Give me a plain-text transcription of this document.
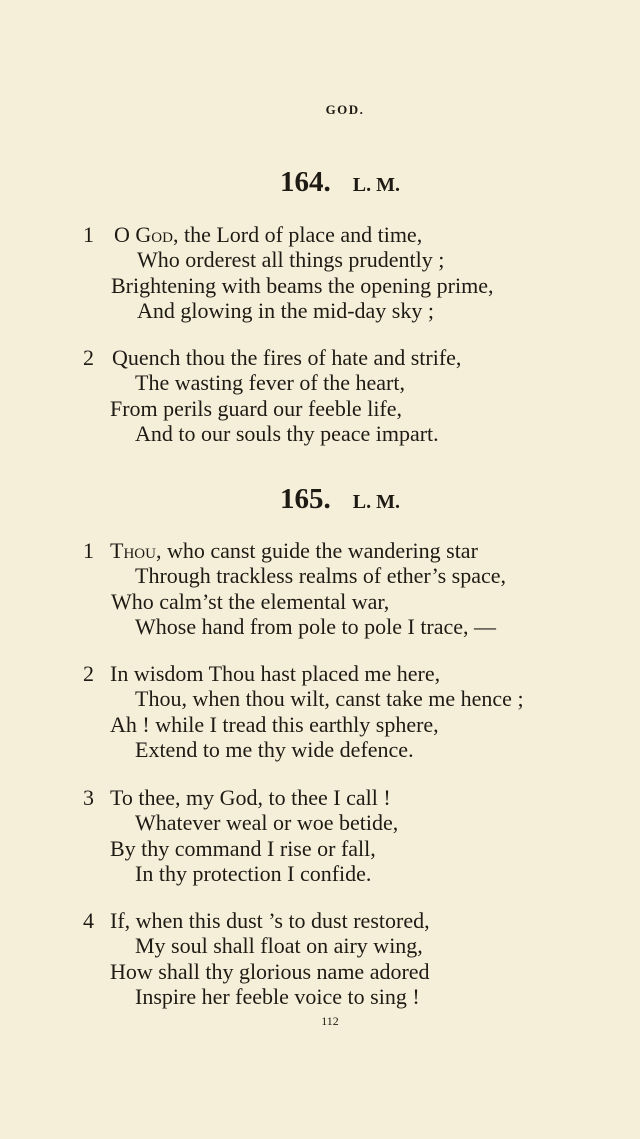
GOD.
164. L. M.
1 O God, the Lord of place and time,
Who orderest all things prudently ;
Brightening with beams the opening prime,
And glowing in the mid-day sky ;
2 Quench thou the fires of hate and strife,
The wasting fever of the heart,
From perils guard our feeble life,
And to our souls thy peace impart.
165. L. M.
1 Thou, who canst guide the wandering star
Through trackless realms of ether’s space,
Who calm’st the elemental war,
Whose hand from pole to pole I trace, —
2 In wisdom Thou hast placed me here,
Thou, when thou wilt, canst take me hence ;
Ah ! while I tread this earthly sphere,
Extend to me thy wide defence.
3 To thee, my God, to thee I call !
Whatever weal or woe betide,
By thy command I rise or fall,
In thy protection I confide.
4 If, when this dust ’s to dust restored,
My soul shall float on airy wing,
How shall thy glorious name adored
Inspire her feeble voice to sing !
112
